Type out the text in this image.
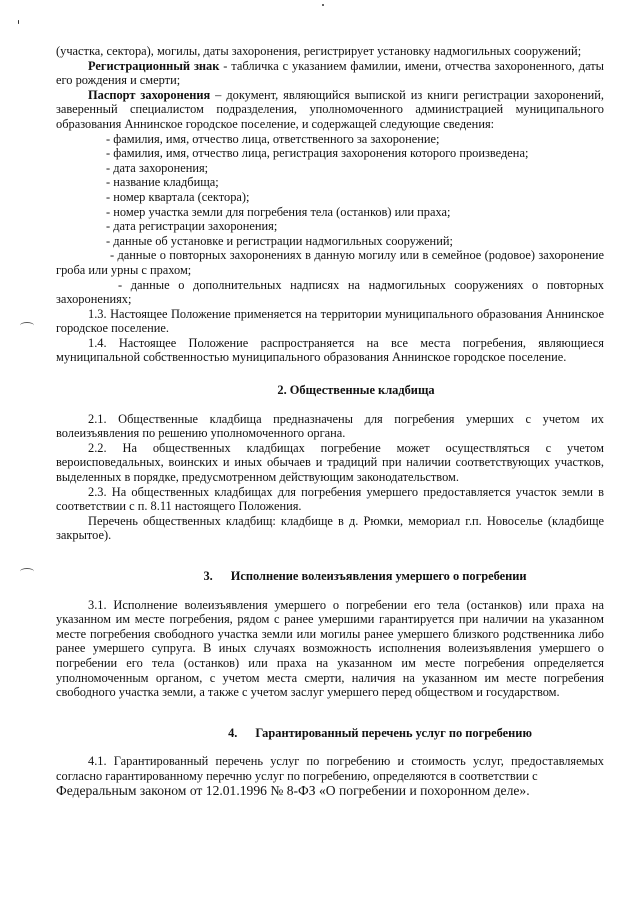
(участка, сектора), могилы, даты захоронения, регистрирует установку надмогильных сооружений;

Регистрационный знак - табличка с указанием фамилии, имени, отчества захороненного, даты его рождения и смерти;

Паспорт захоронения – документ, являющийся выпиской из книги регистрации захоронений, заверенный специалистом подразделения, уполномоченного администрацией муниципального образования Аннинское городское поселение, и содержащей следующие сведения:

- фамилия, имя, отчество лица, ответственного за захоронение;

- фамилия, имя, отчество лица, регистрация захоронения которого произведена;

- дата захоронения;

- название кладбища;

- номер квартала (сектора);

- номер участка земли для погребения тела (останков) или праха;

- дата регистрации захоронения;

- данные об установке и регистрации надмогильных сооружений;

- данные о повторных захоронениях в данную могилу или в семейное (родовое) захоронение гроба или урны с прахом;

- данные о дополнительных надписях на надмогильных сооружениях о повторных захоронениях;

1.3. Настоящее Положение применяется на территории муниципального образования Аннинское городское поселение.

1.4. Настоящее Положение распространяется на все места погребения, являющиеся муниципальной собственностью муниципального образования Аннинское городское поселение.

2. Общественные кладбища

2.1. Общественные кладбища предназначены для погребения умерших с учетом их волеизъявления по решению уполномоченного органа.

2.2. На общественных кладбищах погребение может осуществляться с учетом вероисповедальных, воинских и иных обычаев и традиций при наличии соответствующих участков, выделенных в порядке, предусмотренном действующим законодательством.

2.3. На общественных кладбищах для погребения умершего предоставляется участок земли в соответствии с п. 8.11 настоящего Положения.

Перечень общественных кладбищ: кладбище в д. Рюмки, мемориал г.п. Новоселье (кладбище закрытое).

3. Исполнение волеизъявления умершего о погребении

3.1. Исполнение волеизъявления умершего о погребении его тела (останков) или праха на указанном им месте погребения, рядом с ранее умершими гарантируется при наличии на указанном месте погребения свободного участка земли или могилы ранее умершего близкого родственника либо ранее умершего супруга. В иных случаях возможность исполнения волеизъявления умершего о погребении его тела (останков) или праха на указанном им месте погребения определяется уполномоченным органом, с учетом места смерти, наличия на указанном им месте погребения свободного участка земли, а также с учетом заслуг умершего перед обществом и государством.

4. Гарантированный перечень услуг по погребению

4.1. Гарантированный перечень услуг по погребению и стоимость услуг, предоставляемых согласно гарантированному перечню услуг по погребению, определяются в соответствии с

Федеральным законом от 12.01.1996 № 8-ФЗ «О погребении и похоронном деле».
